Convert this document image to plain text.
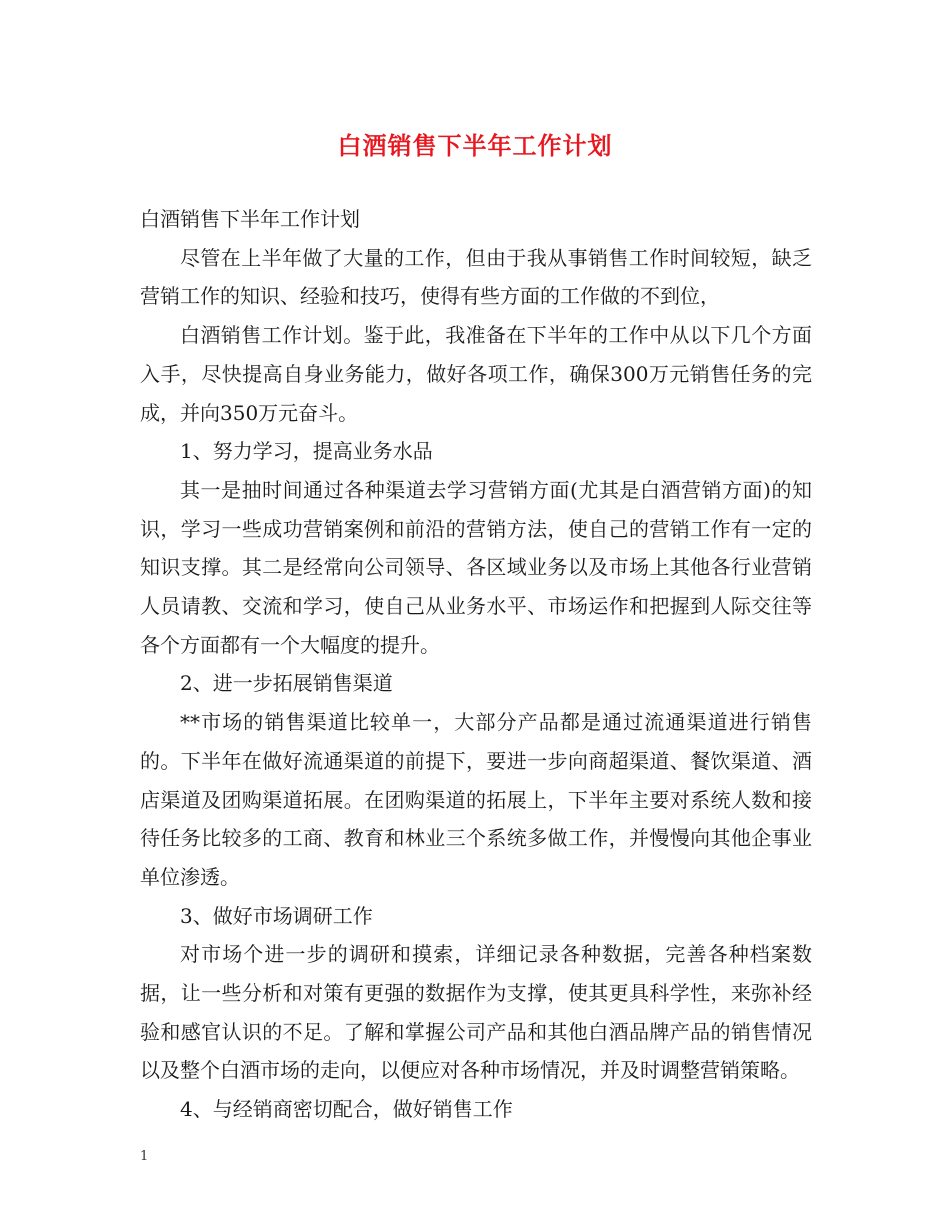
白酒销售下半年工作计划

白酒销售下半年工作计划

尽管在上半年做了大量的工作，但由于我从事销售工作时间较短，缺乏营销工作的知识、经验和技巧，使得有些方面的工作做的不到位，

白酒销售工作计划。鉴于此，我准备在下半年的工作中从以下几个方面入手，尽快提高自身业务能力，做好各项工作，确保300万元销售任务的完成，并向350万元奋斗。

1、努力学习，提高业务水品

其一是抽时间通过各种渠道去学习营销方面(尤其是白酒营销方面)的知识，学习一些成功营销案例和前沿的营销方法，使自己的营销工作有一定的知识支撑。其二是经常向公司领导、各区域业务以及市场上其他各行业营销人员请教、交流和学习，使自己从业务水平、市场运作和把握到人际交往等各个方面都有一个大幅度的提升。

2、进一步拓展销售渠道

**市场的销售渠道比较单一，大部分产品都是通过流通渠道进行销售的。下半年在做好流通渠道的前提下，要进一步向商超渠道、餐饮渠道、酒店渠道及团购渠道拓展。在团购渠道的拓展上，下半年主要对系统人数和接待任务比较多的工商、教育和林业三个系统多做工作，并慢慢向其他企事业单位渗透。

3、做好市场调研工作

对市场个进一步的调研和摸索，详细记录各种数据，完善各种档案数据，让一些分析和对策有更强的数据作为支撑，使其更具科学性，来弥补经验和感官认识的不足。了解和掌握公司产品和其他白酒品牌产品的销售情况以及整个白酒市场的走向，以便应对各种市场情况，并及时调整营销策略。

4、与经销商密切配合，做好销售工作

1
